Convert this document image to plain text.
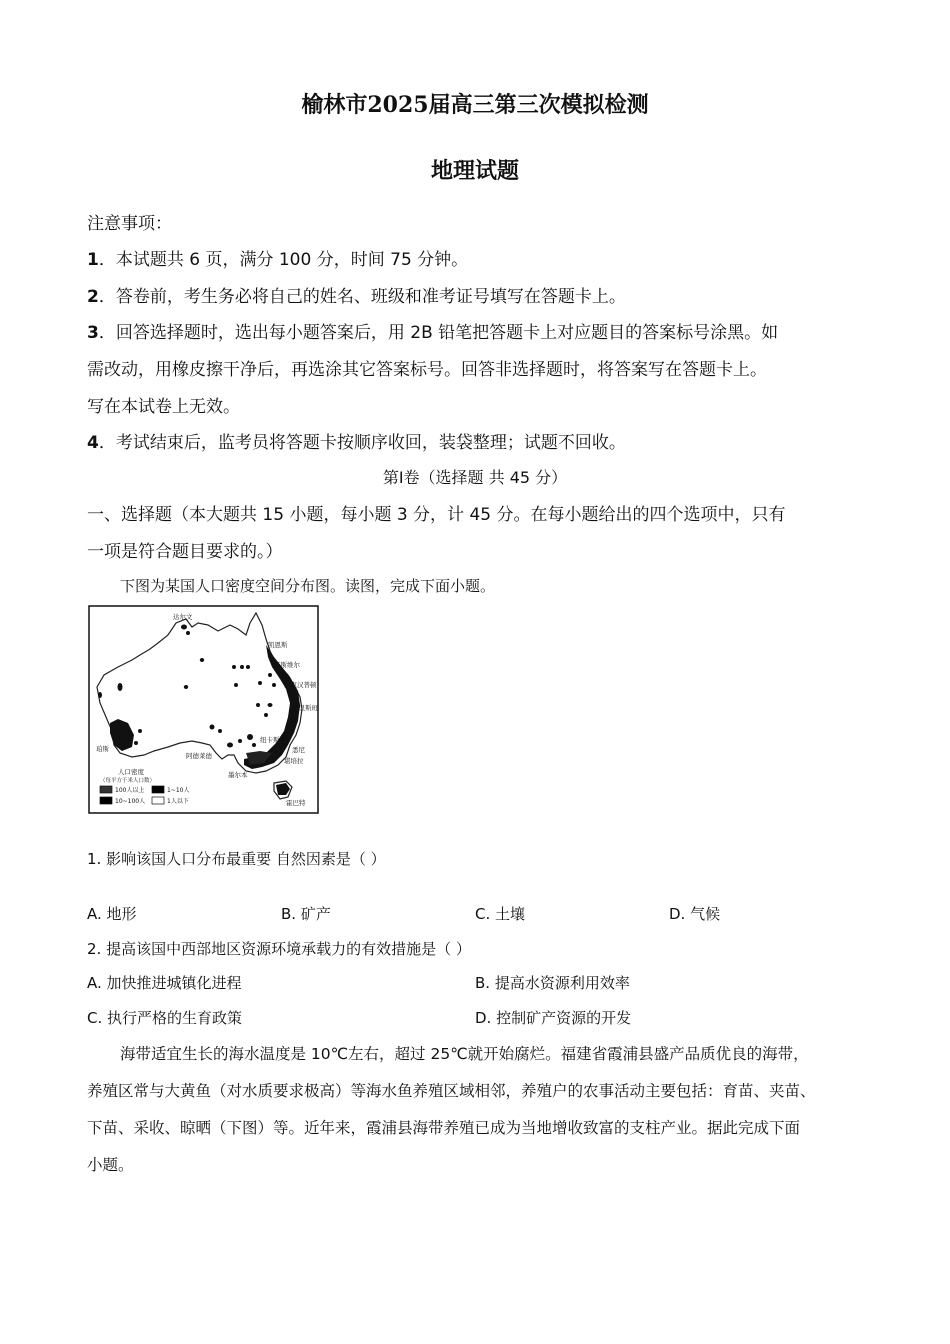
榆林市2025届高三第三次模拟检测
地理试题
注意事项：
1．本试题共 6 页，满分 100 分，时间 75 分钟。
2．答卷前，考生务必将自己的姓名、班级和准考证号填写在答题卡上。
3．回答选择题时，选出每小题答案后，用 2B 铅笔把答题卡上对应题目的答案标号涂黑。如
需改动，用橡皮擦干净后，再选涂其它答案标号。回答非选择题时，将答案写在答题卡上。
写在本试卷上无效。
4．考试结束后，监考员将答题卡按顺序收回，装袋整理；试题不回收。
第Ⅰ卷（选择题 共 45 分）
一、选择题（本大题共 15 小题，每小题 3 分，计 45 分。在每小题给出的四个选项中，只有
一项是符合题目要求的。）
下图为某国人口密度空间分布图。读图，完成下面小题。
达尔文
凯恩斯
汤斯维尔
罗克汉普顿
布里斯班
纽卡斯尔
悉尼
堪培拉
阿德莱德
墨尔本
珀斯
霍巴特
人口密度
（每平方千米人口数）
100人以上	1~10人
10~100人	1人以下
1. 影响该国人口分布最重要 自然因素是（ ）
A. 地形	B. 矿产	C. 土壤	D. 气候
2. 提高该国中西部地区资源环境承载力的有效措施是（ ）
A. 加快推进城镇化进程	B. 提高水资源利用效率
C. 执行严格的生育政策	D. 控制矿产资源的开发
海带适宜生长的海水温度是 10℃左右，超过 25℃就开始腐烂。福建省霞浦县盛产品质优良的海带，
养殖区常与大黄鱼（对水质要求极高）等海水鱼养殖区域相邻，养殖户的农事活动主要包括：育苗、夹苗、
下苗、采收、晾晒（下图）等。近年来，霞浦县海带养殖已成为当地增收致富的支柱产业。据此完成下面
小题。
